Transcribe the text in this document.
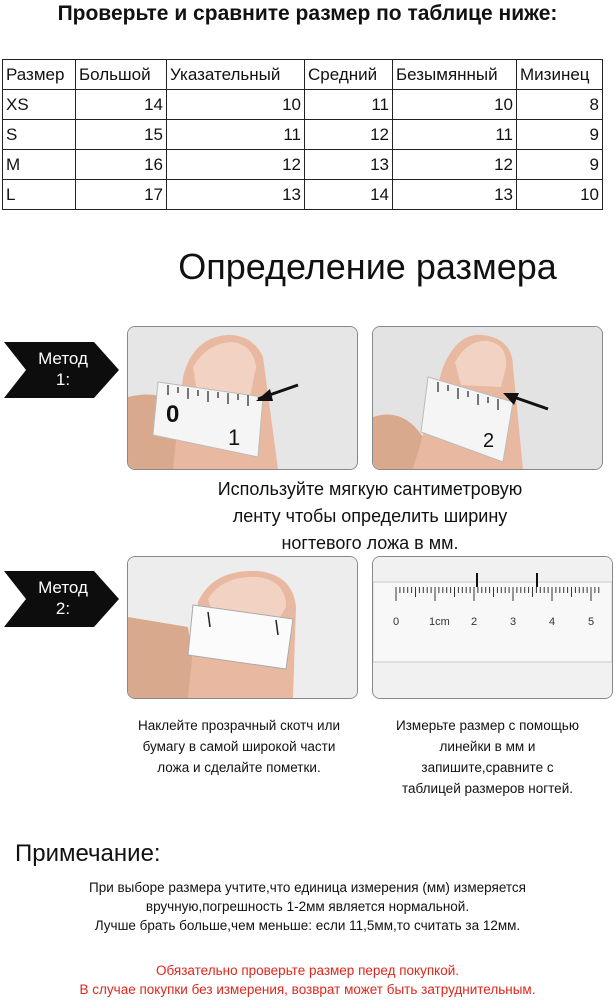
Проверьте и сравните размер по таблице ниже:
Размер	Большой	Указательный	Средний	Безымянный	Мизинец
XS	14	10	11	10	8
S	15	11	12	11	9
M	16	12	13	12	9
L	17	13	14	13	10
Определение размера
Метод
1:
0
1	2
Используйте мягкую сантиметровую
ленту чтобы определить ширину
ногтевого ложа в мм.
Метод
2:
0	1cm 2	3	4	5
Наклейте прозрачный скотч или
бумагу в самой широкой части
ложа и сделайте пометки.
Измерьте размер с помощью
линейки в мм и
запишите,сравните с
таблицей размеров ногтей.
Примечание:
При выборе размера учтите,что единица измерения (мм) измеряется
вручную,погрешность 1-2мм является нормальной.
Лучше брать больше,чем меньше: если 11,5мм,то считать за 12мм.
Обязательно проверьте размер перед покупкой.
В случае покупки без измерения, возврат может быть затруднительным.
